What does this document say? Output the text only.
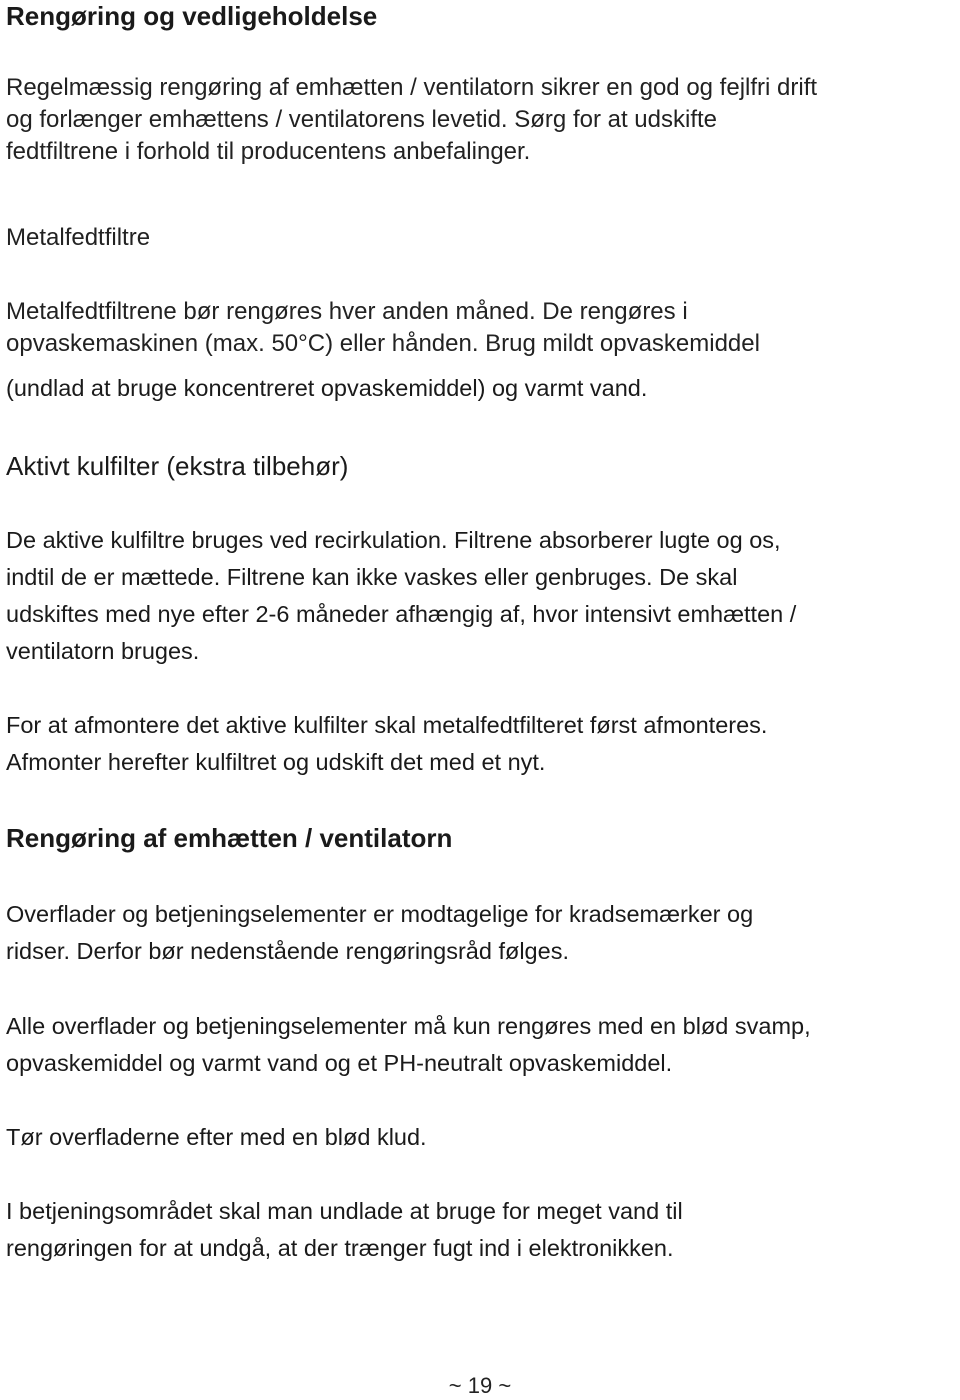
Rengøring og vedligeholdelse

Regelmæssig rengøring af emhætten / ventilatorn sikrer en god og fejlfri drift
og forlænger emhættens / ventilatorens levetid. Sørg for at udskifte
fedtfiltrene i forhold til producentens anbefalinger.

Metalfedtfiltre

Metalfedtfiltrene bør rengøres hver anden måned. De rengøres i
opvaskemaskinen (max. 50°C) eller hånden. Brug mildt opvaskemiddel

(undlad at bruge koncentreret opvaskemiddel) og varmt vand.

Aktivt kulfilter (ekstra tilbehør)

De aktive kulfiltre bruges ved recirkulation. Filtrene absorberer lugte og os,
indtil de er mættede. Filtrene kan ikke vaskes eller genbruges. De skal
udskiftes med nye efter 2-6 måneder afhængig af, hvor intensivt emhætten /
ventilatorn bruges.

For at afmontere det aktive kulfilter skal metalfedtfilteret først afmonteres.
Afmonter herefter kulfiltret og udskift det med et nyt.

Rengøring af emhætten / ventilatorn

Overflader og betjeningselementer er modtagelige for kradsemærker og
ridser. Derfor bør nedenstående rengøringsråd følges.

Alle overflader og betjeningselementer må kun rengøres med en blød svamp,
opvaskemiddel og varmt vand og et PH-neutralt opvaskemiddel.

Tør overfladerne efter med en blød klud.

I betjeningsområdet skal man undlade at bruge for meget vand til
rengøringen for at undgå, at der trænger fugt ind i elektronikken.

~ 19 ~
